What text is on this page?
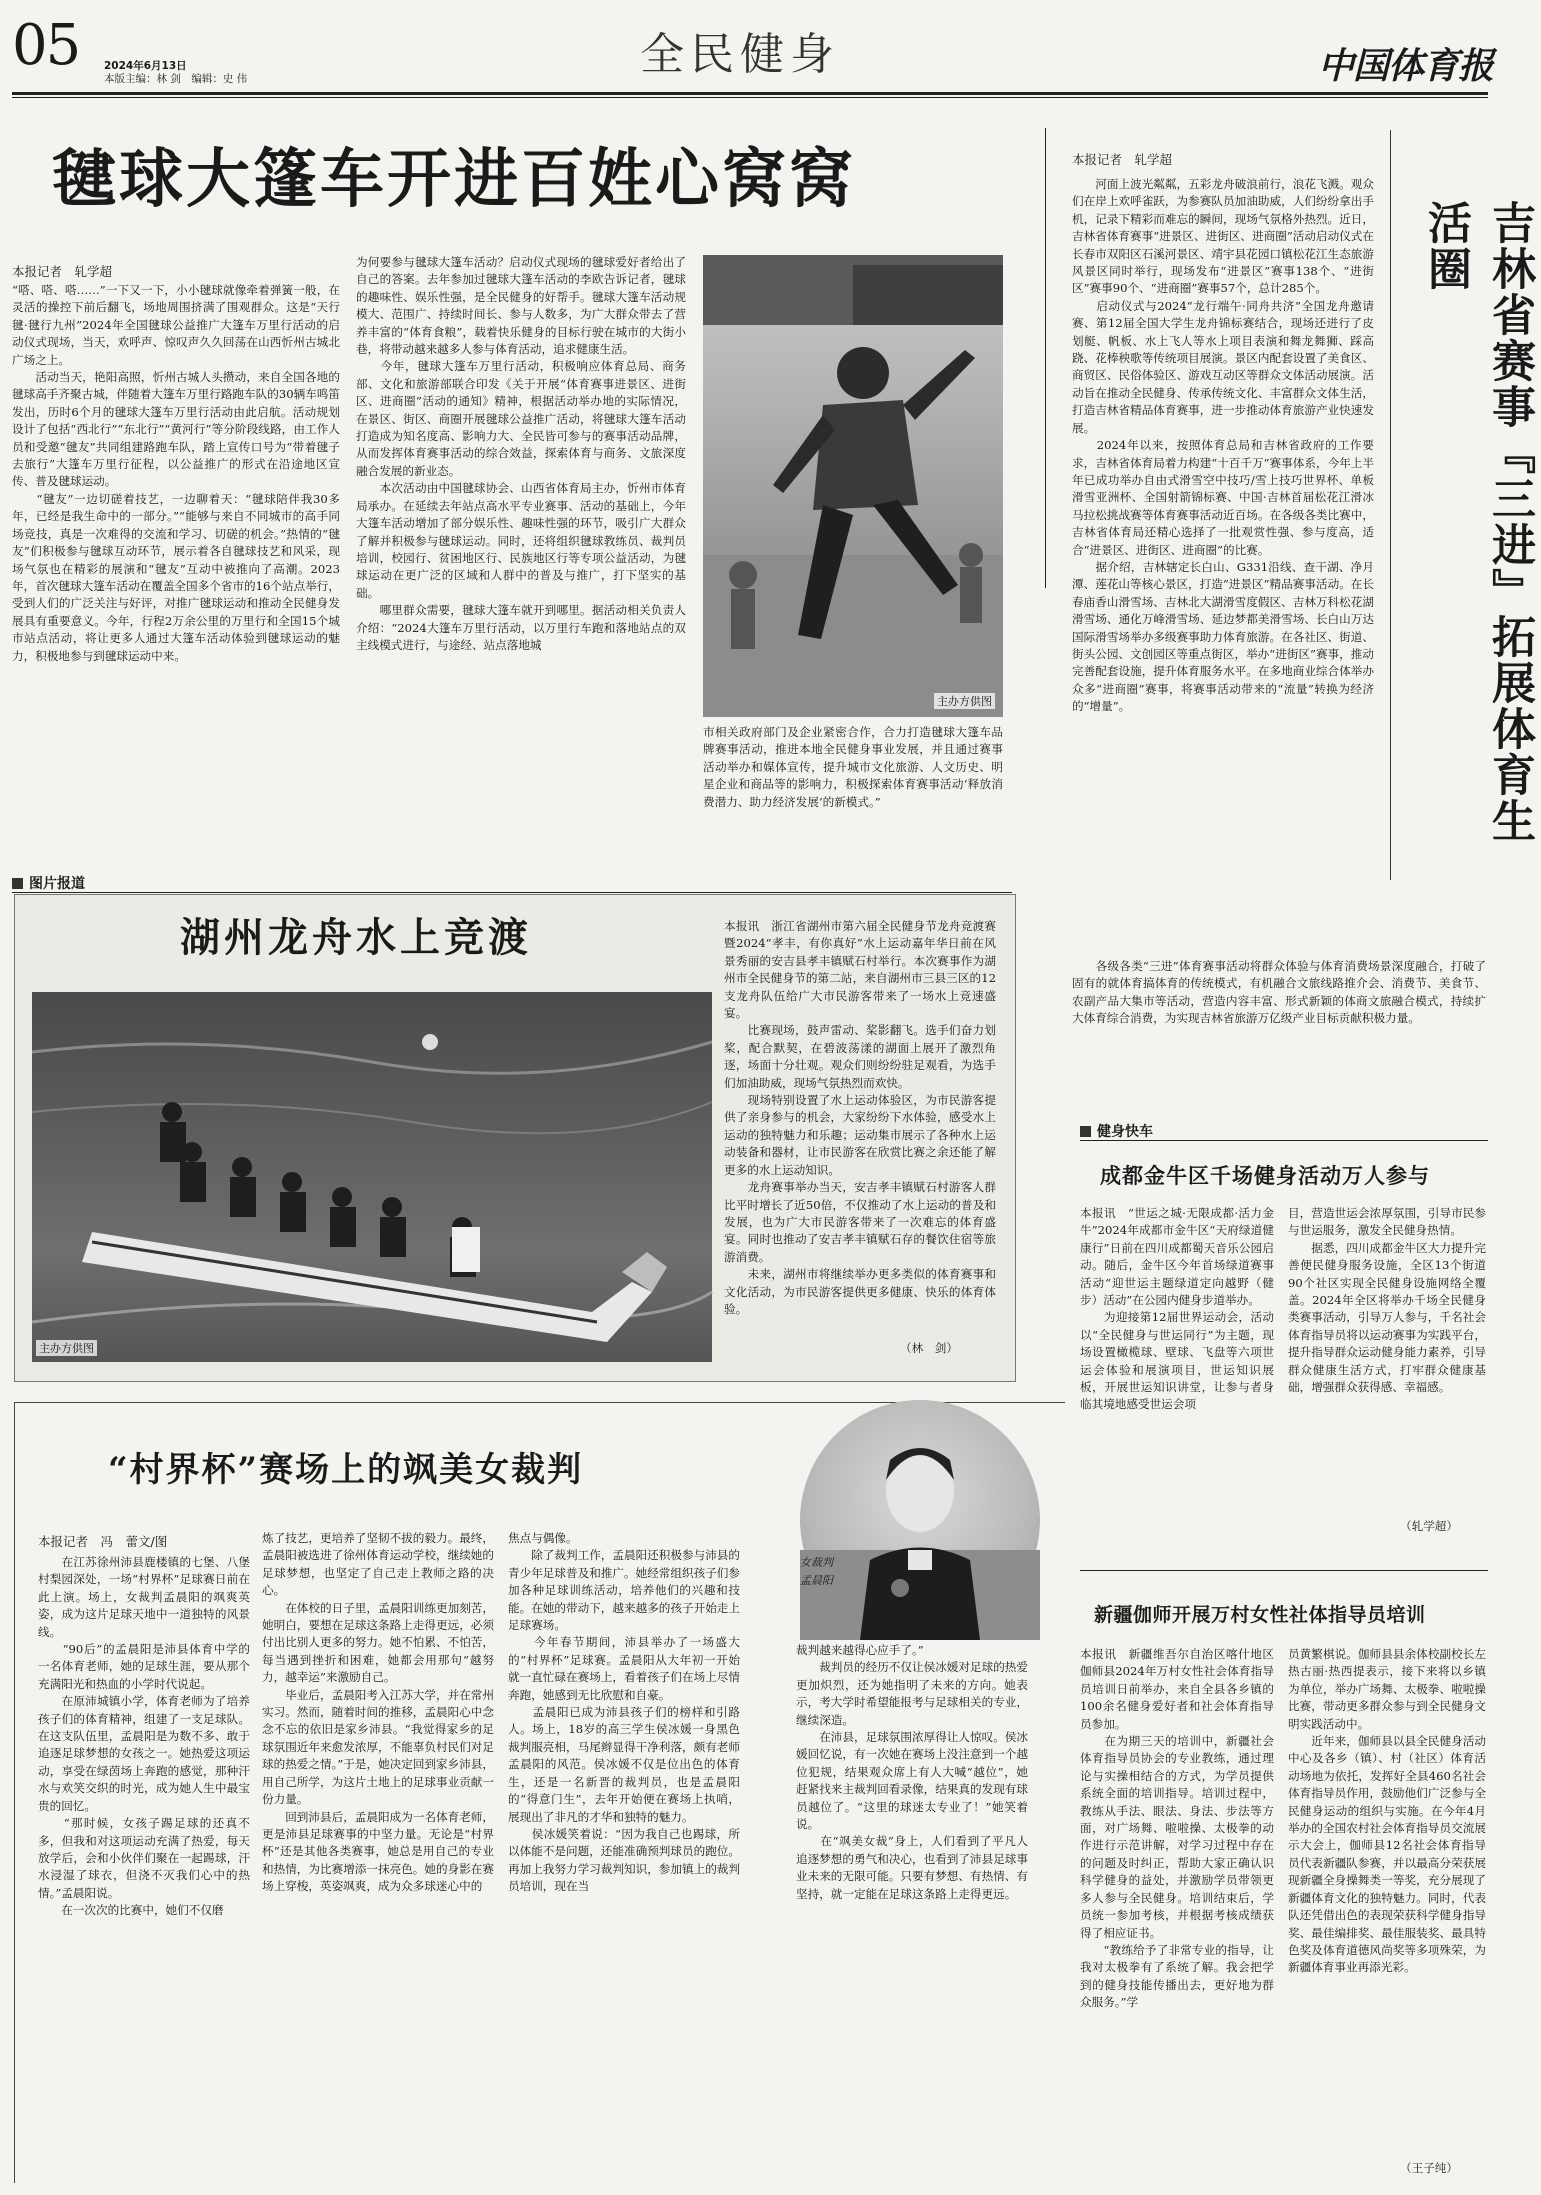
05 2024年6月13日
本版主编：林 剑　编辑：史 伟	全民健身	中国体育报
毽球大篷车开进百姓心窝窝
本报记者　轧学超
“嗒、嗒、嗒……”一下又一下，小小毽球就像牵着弹簧一般，在灵活的操控下前后翻飞，场地周围挤满了围观群众。这是“天行毽·毽行九州”2024年全国毽球公益推广大篷车万里行活动的启动仪式现场，当天，欢呼声、惊叹声久久回荡在山西忻州古城北广场之上。
　　活动当天，艳阳高照，忻州古城人头攒动，来自全国各地的毽球高手齐聚古城，伴随着大篷车万里行路跑车队的30辆车鸣笛发出，历时6个月的毽球大篷车万里行活动由此启航。活动规划设计了包括“西北行”“东北行”“黄河行”等分阶段线路，由工作人员和受邀“毽友”共同组建路跑车队，踏上宣传口号为“带着毽子去旅行”大篷车万里行征程，以公益推广的形式在沿途地区宣传、普及毽球运动。
　　“毽友”一边切磋着技艺，一边聊着天：“毽球陪伴我30多年，已经是我生命中的一部分。”“能够与来自不同城市的高手同场竞技，真是一次难得的交流和学习、切磋的机会。”热情的“毽友”们积极参与毽球互动环节，展示着各自毽球技艺和风采，现场气氛也在精彩的展演和“毽友”互动中被推向了高潮。2023年，首次毽球大篷车活动在覆盖全国多个省市的16个站点举行，受到人们的广泛关注与好评，对推广毽球运动和推动全民健身发展具有重要意义。今年，行程2万余公里的万里行和全国15个城市站点活动，将让更多人通过大篷车活动体验到毽球运动的魅力，积极地参与到毽球运动中来。
为何要参与毽球大篷车活动？启动仪式现场的毽球爱好者给出了自己的答案。去年参加过毽球大篷车活动的李欧告诉记者，毽球的趣味性、娱乐性强，是全民健身的好帮手。毽球大篷车活动规模大、范围广、持续时间长、参与人数多，为广大群众带去了营养丰富的“体育食粮”，载着快乐健身的目标行驶在城市的大街小巷，将带动越来越多人参与体育活动，追求健康生活。
　　今年，毽球大篷车万里行活动，积极响应体育总局、商务部、文化和旅游部联合印发《关于开展“体育赛事进景区、进街区、进商圈”活动的通知》精神，根据活动举办地的实际情况，在景区、街区、商圈开展毽球公益推广活动，将毽球大篷车活动打造成为知名度高、影响力大、全民皆可参与的赛事活动品牌，从而发挥体育赛事活动的综合效益，探索体育与商务、文旅深度融合发展的新业态。
　　本次活动由中国毽球协会、山西省体育局主办，忻州市体育局承办。在延续去年站点高水平专业赛事、活动的基础上，今年大篷车活动增加了部分娱乐性、趣味性强的环节，吸引广大群众了解并积极参与毽球运动。同时，还将组织毽球教练员、裁判员培训，校园行、贫困地区行、民族地区行等专项公益活动，为毽球运动在更广泛的区域和人群中的普及与推广，打下坚实的基础。
　　哪里群众需要，毽球大篷车就开到哪里。据活动相关负责人介绍：“2024大篷车万里行活动，以万里行车跑和落地站点的双主线模式进行，与途经、站点落地城
主办方供图
市相关政府部门及企业紧密合作，合力打造毽球大篷车品牌赛事活动，推进本地全民健身事业发展，并且通过赛事活动举办和媒体宣传，提升城市文化旅游、人文历史、明星企业和商品等的影响力，积极探索体育赛事活动‘释放消费潜力、助力经济发展’的新模式。”
本报记者　轧学超
　　河面上波光粼粼，五彩龙舟破浪前行，浪花飞溅。观众们在岸上欢呼雀跃，为参赛队员加油助威，人们纷纷拿出手机，记录下精彩而难忘的瞬间，现场气氛格外热烈。近日，吉林省体育赛事“进景区、进街区、进商圈”活动启动仪式在长春市双阳区石溪河景区、靖宇县花园口镇松花江生态旅游风景区同时举行，现场发布“进景区”赛事138个、“进街区”赛事90个、“进商圈”赛事57个，总计285个。
　　启动仪式与2024“龙行端午·同舟共济”全国龙舟邀请赛、第12届全国大学生龙舟锦标赛结合，现场还进行了皮划艇、帆板、水上飞人等水上项目表演和舞龙舞狮、踩高跷、花棒秧歌等传统项目展演。景区内配套设置了美食区、商贸区、民俗体验区、游戏互动区等群众文体活动展演。活动旨在推动全民健身、传承传统文化、丰富群众文体生活，打造吉林省精品体育赛事，进一步推动体育旅游产业快速发展。
　　2024年以来，按照体育总局和吉林省政府的工作要求，吉林省体育局着力构建“十百千万”赛事体系，今年上半年已成功举办自由式滑雪空中技巧/雪上技巧世界杯、单板滑雪亚洲杯、全国射箭锦标赛、中国·吉林首届松花江滑冰马拉松挑战赛等体育赛事活动近百场。在各级各类比赛中，吉林省体育局还精心选择了一批观赏性强、参与度高，适合“进景区、进街区、进商圈”的比赛。
　　据介绍，吉林辖定长白山、G331沿线、查干湖、净月潭、莲花山等核心景区，打造“进景区”精品赛事活动。在长春庙香山滑雪场、吉林北大湖滑雪度假区、吉林万科松花湖滑雪场、通化万峰滑雪场、延边梦都美滑雪场、长白山万达国际滑雪场举办多级赛事助力体育旅游。在各社区、街道、街头公园、文创园区等重点街区，举办“进街区”赛事，推动完善配套设施，提升体育服务水平。在多地商业综合体举办众多“进商圈”赛事，将赛事活动带来的“流量”转换为经济的“增量”。	吉林省赛事『三进』拓展体育生活圈
　　各级各类“三进”体育赛事活动将群众体验与体育消费场景深度融合，打破了固有的就体育搞体育的传统模式，有机融合文旅线路推介会、消费节、美食节、农副产品大集市等活动，营造内容丰富、形式新颖的体商文旅融合模式，持续扩大体育综合消费，为实现吉林省旅游万亿级产业目标贡献积极力量。
图片报道
湖州龙舟水上竞渡
主办方供图
本报讯　浙江省湖州市第六届全民健身节龙舟竞渡赛暨2024“孝丰，有你真好”水上运动嘉年华日前在风景秀丽的安吉县孝丰镇赋石村举行。本次赛事作为湖州市全民健身节的第二站，来自湖州市三县三区的12支龙舟队伍给广大市民游客带来了一场水上竞速盛宴。
　　比赛现场，鼓声雷动、桨影翻飞。选手们奋力划桨，配合默契，在碧波荡漾的湖面上展开了激烈角逐，场面十分壮观。观众们则纷纷驻足观看，为选手们加油助威，现场气氛热烈而欢快。
　　现场特别设置了水上运动体验区，为市民游客提供了亲身参与的机会，大家纷纷下水体验，感受水上运动的独特魅力和乐趣；运动集市展示了各种水上运动装备和器材，让市民游客在欣赏比赛之余还能了解更多的水上运动知识。
　　龙舟赛事举办当天，安吉孝丰镇赋石村游客人群比平时增长了近50倍，不仅推动了水上运动的普及和发展，也为广大市民游客带来了一次难忘的体育盛宴。同时也推动了安吉孝丰镇赋石存的餐饮住宿等旅游消费。
　　未来，湖州市将继续举办更多类似的体育赛事和文化活动，为市民游客提供更多健康、快乐的体育体验。
（林　剑）
健身快车
成都金牛区千场健身活动万人参与
本报讯　“世运之城·无限成都·活力金牛”2024年成都市金牛区“天府绿道健康行”日前在四川成都蜀天音乐公园启动。随后，金牛区今年首场绿道赛事活动“迎世运主题绿道定向越野（健步）活动”在公园内健身步道举办。
　　为迎接第12届世界运动会，活动以“全民健身与世运同行”为主题，现场设置橄榄球、壁球、飞盘等六项世运会体验和展演项目，世运知识展板，开展世运知识讲堂，让参与者身临其境地感受世运会项
目，营造世运会浓厚氛围，引导市民参与世运服务，激发全民健身热情。
　　据悉，四川成都金牛区大力提升完善便民健身服务设施，全区13个街道90个社区实现全民健身设施网络全覆盖。2024年全区将举办千场全民健身类赛事活动，引导万人参与，千名社会体育指导员将以运动赛事为实践平台，提升指导群众运动健身能力素养，引导群众健康生活方式，打牢群众健康基础，增强群众获得感、幸福感。
（轧学超）
“村界杯”赛场上的飒美女裁判
本报记者　冯　蕾文/图
　　在江苏徐州沛县鹿楼镇的七堡、八堡村梨园深处，一场“村界杯”足球赛日前在此上演。场上，女裁判孟晨阳的飒爽英姿，成为这片足球天地中一道独特的风景线。
　　“90后”的孟晨阳是沛县体育中学的一名体育老师，她的足球生涯，要从那个充满阳光和热血的小学时代说起。
　　在原沛城镇小学，体育老师为了培养孩子们的体育精神，组建了一支足球队。在这支队伍里，孟晨阳是为数不多、敢于追逐足球梦想的女孩之一。她热爱这项运动，享受在绿茵场上奔跑的感觉，那种汗水与欢笑交织的时光，成为她人生中最宝贵的回忆。
　　“那时候，女孩子踢足球的还真不多，但我和对这项运动充满了热爱，每天放学后，会和小伙伴们聚在一起踢球，汗水浸湿了球衣，但浇不灭我们心中的热情。”孟晨阳说。
　　在一次次的比赛中，她们不仅磨
炼了技艺，更培养了坚韧不拔的毅力。最终，孟晨阳被选进了徐州体育运动学校，继续她的足球梦想，也坚定了自己走上教师之路的决心。
　　在体校的日子里，孟晨阳训练更加刻苦，她明白，要想在足球这条路上走得更远，必须付出比别人更多的努力。她不怕累、不怕苦，每当遇到挫折和困难，她都会用那句“越努力，越幸运”来激励自己。
　　毕业后，孟晨阳考入江苏大学，并在常州实习。然而，随着时间的推移，孟晨阳心中念念不忘的依旧是家乡沛县。“我觉得家乡的足球氛围近年来愈发浓厚，不能辜负村民们对足球的热爱之情。”于是，她决定回到家乡沛县，用自己所学，为这片土地上的足球事业贡献一份力量。
　　回到沛县后，孟晨阳成为一名体育老师，更是沛县足球赛事的中坚力量。无论是“村界杯”还是其他各类赛事，她总是用自己的专业和热情，为比赛增添一抹亮色。她的身影在赛场上穿梭，英姿飒爽，成为众多球迷心中的
焦点与偶像。
　　除了裁判工作，孟晨阳还积极参与沛县的青少年足球普及和推广。她经常组织孩子们参加各种足球训练活动，培养他们的兴趣和技能。在她的带动下，越来越多的孩子开始走上足球赛场。
　　今年春节期间，沛县举办了一场盛大的“村界杯”足球赛。孟晨阳从大年初一开始就一直忙碌在赛场上，看着孩子们在场上尽情奔跑，她感到无比欣慰和自豪。
　　孟晨阳已成为沛县孩子们的榜样和引路人。场上，18岁的高三学生侯冰媛一身黑色裁判服亮相，马尾辫显得干净利落，颇有老师孟晨阳的风范。侯冰媛不仅是位出色的体育生，还是一名新晋的裁判员，也是孟晨阳的“得意门生”，去年开始便在赛场上执哨，展现出了非凡的才华和独特的魅力。
　　侯冰媛笑着说：“因为我自己也踢球，所以体能不是问题，还能准确预判球员的跑位。再加上我努力学习裁判知识，参加镇上的裁判员培训，现在当
女裁判
孟晨阳
裁判越来越得心应手了。”
　　裁判员的经历不仅让侯冰媛对足球的热爱更加炽烈，还为她指明了未来的方向。她表示，考大学时希望能报考与足球相关的专业，继续深造。
　　在沛县，足球氛围浓厚得让人惊叹。侯冰媛回忆说，有一次她在赛场上没注意到一个越位犯规，结果观众席上有人大喊“越位”，她赶紧找来主裁判回看录像，结果真的发现有球员越位了。“这里的球迷太专业了！”她笑着说。
　　在“飒美女裁”身上，人们看到了平凡人追逐梦想的勇气和决心，也看到了沛县足球事业未来的无限可能。只要有梦想、有热情、有坚持，就一定能在足球这条路上走得更远。
新疆伽师开展万村女性社体指导员培训
本报讯　新疆维吾尔自治区喀什地区伽师县2024年万村女性社会体育指导员培训日前举办，来自全县各乡镇的100余名健身爱好者和社会体育指导员参加。
　　在为期三天的培训中，新疆社会体育指导员协会的专业教练，通过理论与实操相结合的方式，为学员提供系统全面的培训指导。培训过程中，教练从手法、眼法、身法、步法等方面，对广场舞、啦啦操、太极拳的动作进行示范讲解，对学习过程中存在的问题及时纠正，帮助大家正确认识科学健身的益处，并激励学员带领更多人参与全民健身。培训结束后，学员统一参加考核，并根据考核成绩获得了相应证书。
　　“教练给予了非常专业的指导，让我对太极拳有了系统了解。我会把学到的健身技能传播出去，更好地为群众服务。”学
员黄繁棋说。伽师县县余体校副校长左热古丽·热西提表示，接下来将以乡镇为单位，举办广场舞、太极拳、啦啦操比赛，带动更多群众参与到全民健身文明实践活动中。
　　近年来，伽师县以县全民健身活动中心及各乡（镇）、村（社区）体育活动场地为依托，发挥好全县460名社会体育指导员作用，鼓励他们广泛参与全民健身运动的组织与实施。在今年4月举办的全国农村社会体育指导员交流展示大会上，伽师县12名社会体育指导员代表新疆队参赛，并以最高分荣获展现新疆全身操舞类一等奖，充分展现了新疆体育文化的独特魅力。同时，代表队还凭借出色的表现荣获科学健身指导奖、最佳编排奖、最佳服装奖、最具特色奖及体育道德风尚奖等多项殊荣，为新疆体育事业再添光彩。
（王子纯）
